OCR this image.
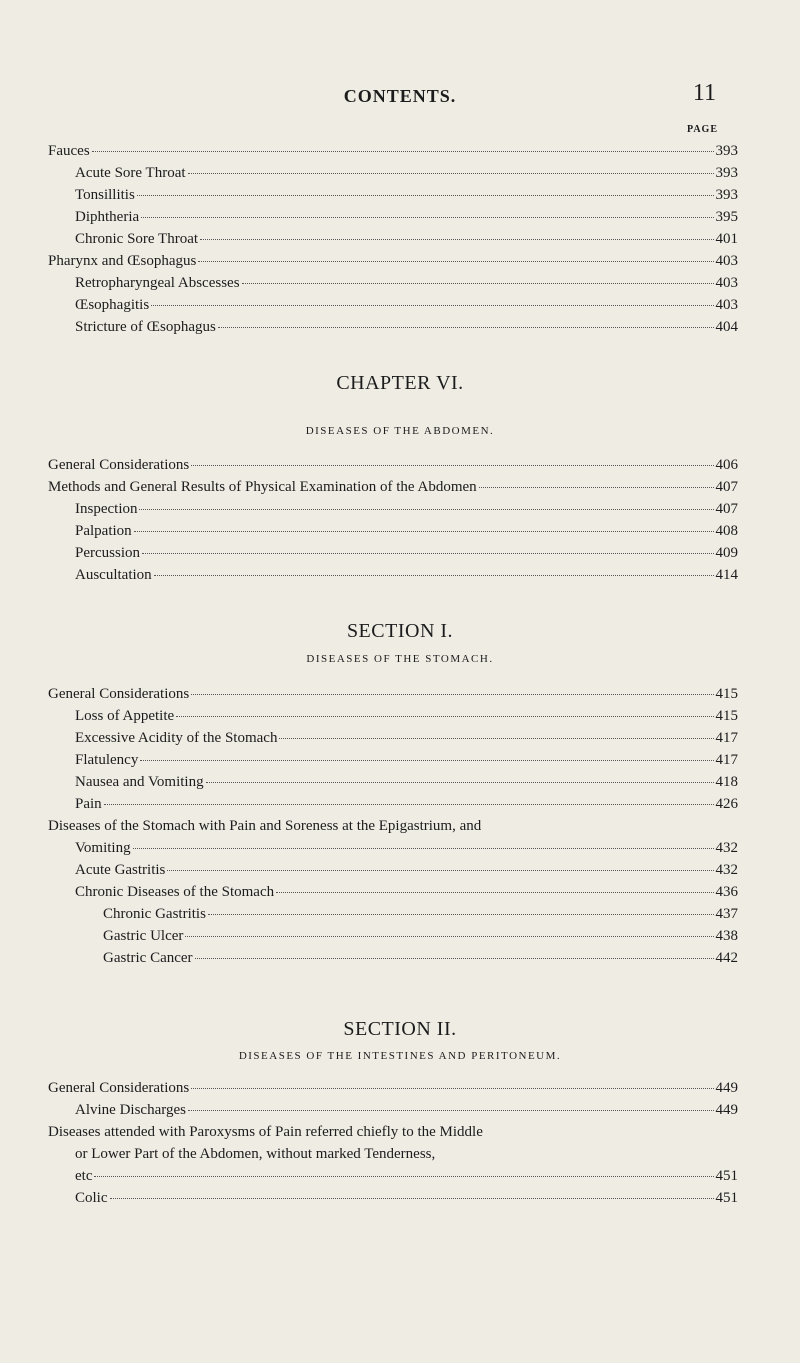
CONTENTS.	11
PAGE
Fauces	393
Acute Sore Throat	393
Tonsillitis	393
Diphtheria	395
Chronic Sore Throat	401
Pharynx and Œsophagus	403
Retropharyngeal Abscesses	403
Œsophagitis	403
Stricture of Œsophagus	404
CHAPTER VI.
DISEASES OF THE ABDOMEN.
General Considerations	406
Methods and General Results of Physical Examination of the Abdomen	407
Inspection	407
Palpation	408
Percussion	409
Auscultation	414
SECTION I.
DISEASES OF THE STOMACH.
General Considerations	415
Loss of Appetite	415
Excessive Acidity of the Stomach	417
Flatulency	417
Nausea and Vomiting	418
Pain	426
Diseases of the Stomach with Pain and Soreness at the Epigastrium, and
Vomiting	432
Acute Gastritis	432
Chronic Diseases of the Stomach	436
Chronic Gastritis	437
Gastric Ulcer	438
Gastric Cancer	442
SECTION II.
DISEASES OF THE INTESTINES AND PERITONEUM.
General Considerations	449
Alvine Discharges	449
Diseases attended with Paroxysms of Pain referred chiefly to the Middle
or Lower Part of the Abdomen, without marked Tenderness,
etc	451
Colic	451
